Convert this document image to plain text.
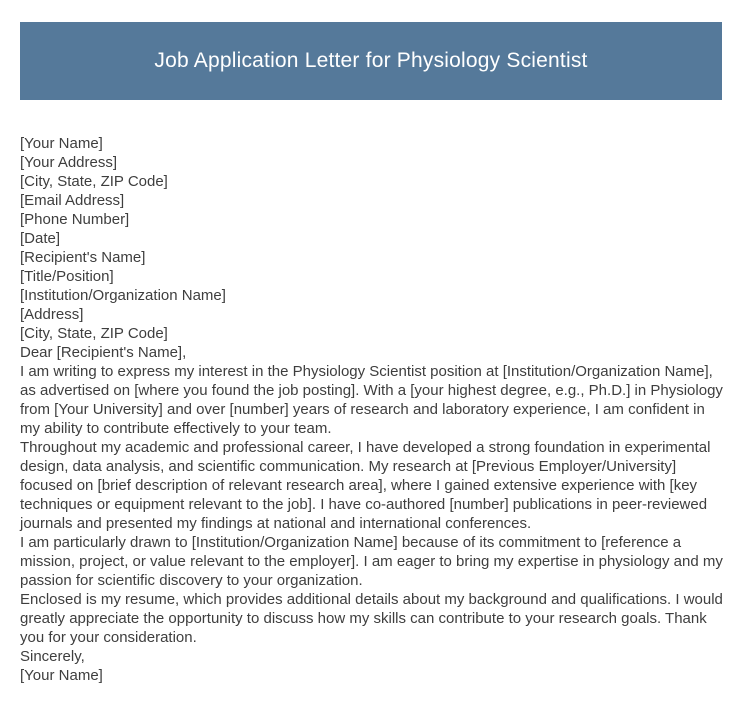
Job Application Letter for Physiology Scientist
[Your Name]
[Your Address]
[City, State, ZIP Code]
[Email Address]
[Phone Number]
[Date]
[Recipient's Name]
[Title/Position]
[Institution/Organization Name]
[Address]
[City, State, ZIP Code]
Dear [Recipient's Name],
I am writing to express my interest in the Physiology Scientist position at [Institution/Organization Name], as advertised on [where you found the job posting]. With a [your highest degree, e.g., Ph.D.] in Physiology from [Your University] and over [number] years of research and laboratory experience, I am confident in my ability to contribute effectively to your team.
Throughout my academic and professional career, I have developed a strong foundation in experimental design, data analysis, and scientific communication. My research at [Previous Employer/University] focused on [brief description of relevant research area], where I gained extensive experience with [key techniques or equipment relevant to the job]. I have co-authored [number] publications in peer-reviewed journals and presented my findings at national and international conferences.
I am particularly drawn to [Institution/Organization Name] because of its commitment to [reference a mission, project, or value relevant to the employer]. I am eager to bring my expertise in physiology and my passion for scientific discovery to your organization.
Enclosed is my resume, which provides additional details about my background and qualifications. I would greatly appreciate the opportunity to discuss how my skills can contribute to your research goals. Thank you for your consideration.
Sincerely,
[Your Name]
